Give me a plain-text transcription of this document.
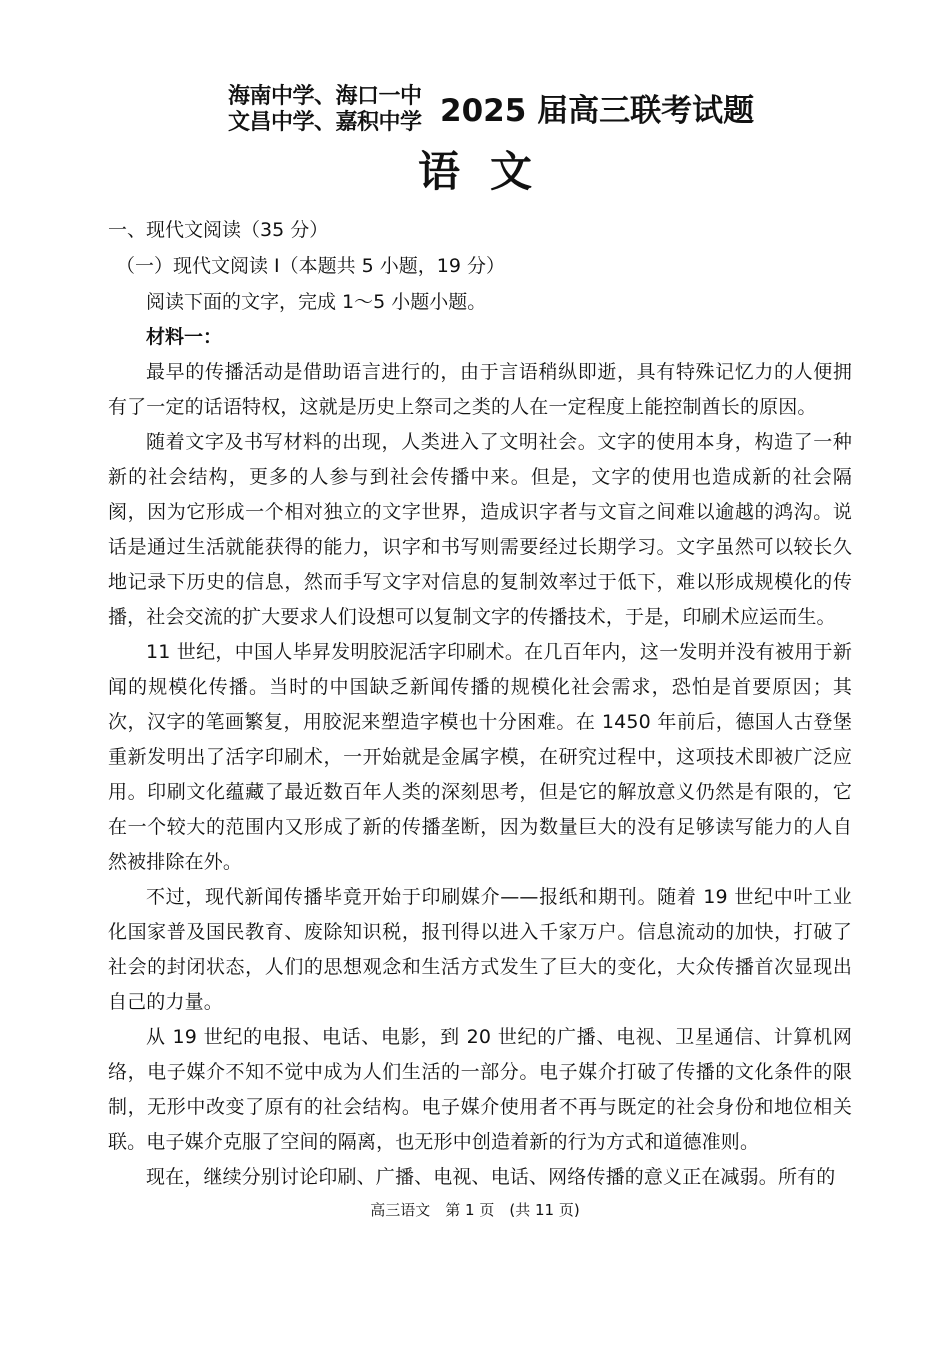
海南中学、海口一中
文昌中学、嘉积中学 2025 届高三联考试题
语文
一、现代文阅读（35 分）
（一）现代文阅读 I（本题共 5 小题，19 分）
阅读下面的文字，完成 1～5 小题小题。
材料一：
最早的传播活动是借助语言进行的，由于言语稍纵即逝，具有特殊记忆力的人便拥有了一定的话语特权，这就是历史上祭司之类的人在一定程度上能控制酋长的原因。
随着文字及书写材料的出现，人类进入了文明社会。文字的使用本身，构造了一种新的社会结构，更多的人参与到社会传播中来。但是，文字的使用也造成新的社会隔阂，因为它形成一个相对独立的文字世界，造成识字者与文盲之间难以逾越的鸿沟。说话是通过生活就能获得的能力，识字和书写则需要经过长期学习。文字虽然可以较长久地记录下历史的信息，然而手写文字对信息的复制效率过于低下，难以形成规模化的传播，社会交流的扩大要求人们设想可以复制文字的传播技术，于是，印刷术应运而生。
11 世纪，中国人毕昇发明胶泥活字印刷术。在几百年内，这一发明并没有被用于新闻的规模化传播。当时的中国缺乏新闻传播的规模化社会需求，恐怕是首要原因；其次，汉字的笔画繁复，用胶泥来塑造字模也十分困难。在 1450 年前后，德国人古登堡重新发明出了活字印刷术，一开始就是金属字模，在研究过程中，这项技术即被广泛应用。印刷文化蕴藏了最近数百年人类的深刻思考，但是它的解放意义仍然是有限的，它在一个较大的范围内又形成了新的传播垄断，因为数量巨大的没有足够读写能力的人自然被排除在外。
不过，现代新闻传播毕竟开始于印刷媒介——报纸和期刊。随着 19 世纪中叶工业化国家普及国民教育、废除知识税，报刊得以进入千家万户。信息流动的加快，打破了社会的封闭状态，人们的思想观念和生活方式发生了巨大的变化，大众传播首次显现出自己的力量。
从 19 世纪的电报、电话、电影，到 20 世纪的广播、电视、卫星通信、计算机网络，电子媒介不知不觉中成为人们生活的一部分。电子媒介打破了传播的文化条件的限制，无形中改变了原有的社会结构。电子媒介使用者不再与既定的社会身份和地位相关联。电子媒介克服了空间的隔离，也无形中创造着新的行为方式和道德准则。
现在，继续分别讨论印刷、广播、电视、电话、网络传播的意义正在减弱。所有的
高三语文　第 1 页　(共 11 页)
